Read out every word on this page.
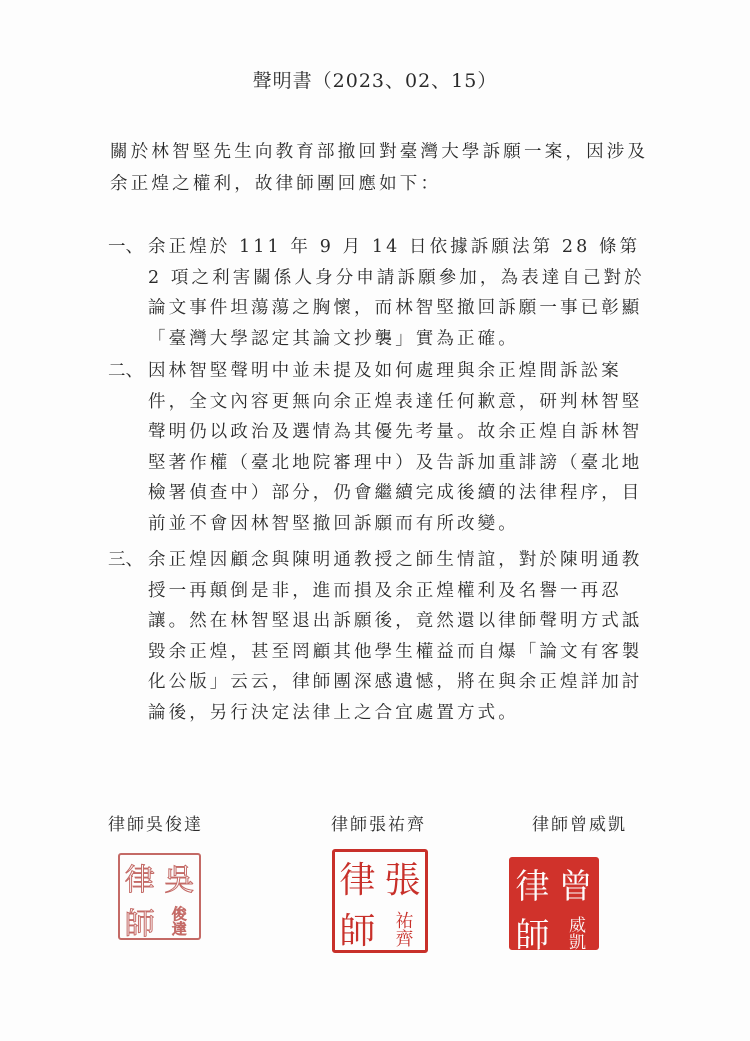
聲明書（2023、02、15）
關於林智堅先生向教育部撤回對臺灣大學訴願一案，因涉及余正煌之權利，故律師團回應如下：
一、 余正煌於 111 年 9 月 14 日依據訴願法第 28 條第 2 項之利害關係人身分申請訴願參加，為表達自己對於論文事件坦蕩蕩之胸懷，而林智堅撤回訴願一事已彰顯「臺灣大學認定其論文抄襲」實為正確。
二、 因林智堅聲明中並未提及如何處理與余正煌間訴訟案件，全文內容更無向余正煌表達任何歉意，研判林智堅聲明仍以政治及選情為其優先考量。故余正煌自訴林智堅著作權（臺北地院審理中）及告訴加重誹謗（臺北地檢署偵查中）部分，仍會繼續完成後續的法律程序，目前並不會因林智堅撤回訴願而有所改變。
三、 余正煌因顧念與陳明通教授之師生情誼，對於陳明通教授一再顛倒是非，進而損及余正煌權利及名譽一再忍讓。然在林智堅退出訴願後，竟然還以律師聲明方式詆毀余正煌，甚至罔顧其他學生權益而自爆「論文有客製化公版」云云，律師團深感遺憾，將在與余正煌詳加討論後，另行決定法律上之合宜處置方式。
律師吳俊達	律師張祐齊	律師曾威凱
律
師
吳
俊達
律
師
張
祐齊
律
師
曾
威凱
